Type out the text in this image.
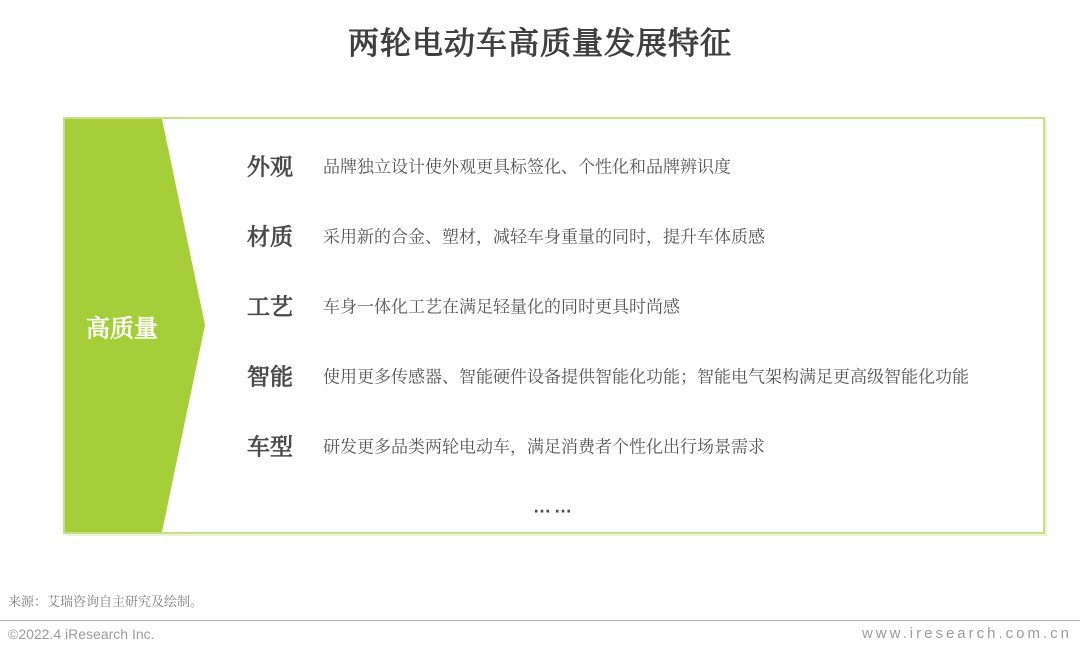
两轮电动车高质量发展特征
高质量
外观 品牌独立设计使外观更具标签化、个性化和品牌辨识度
材质 采用新的合金、塑材，减轻车身重量的同时，提升车体质感
工艺 车身一体化工艺在满足轻量化的同时更具时尚感
智能 使用更多传感器、智能硬件设备提供智能化功能；智能电气架构满足更高级智能化功能
车型 研发更多品类两轮电动车，满足消费者个性化出行场景需求
……
来源：艾瑞咨询自主研究及绘制。
©2022.4 iResearch Inc.	www.iresearch.com.cn
